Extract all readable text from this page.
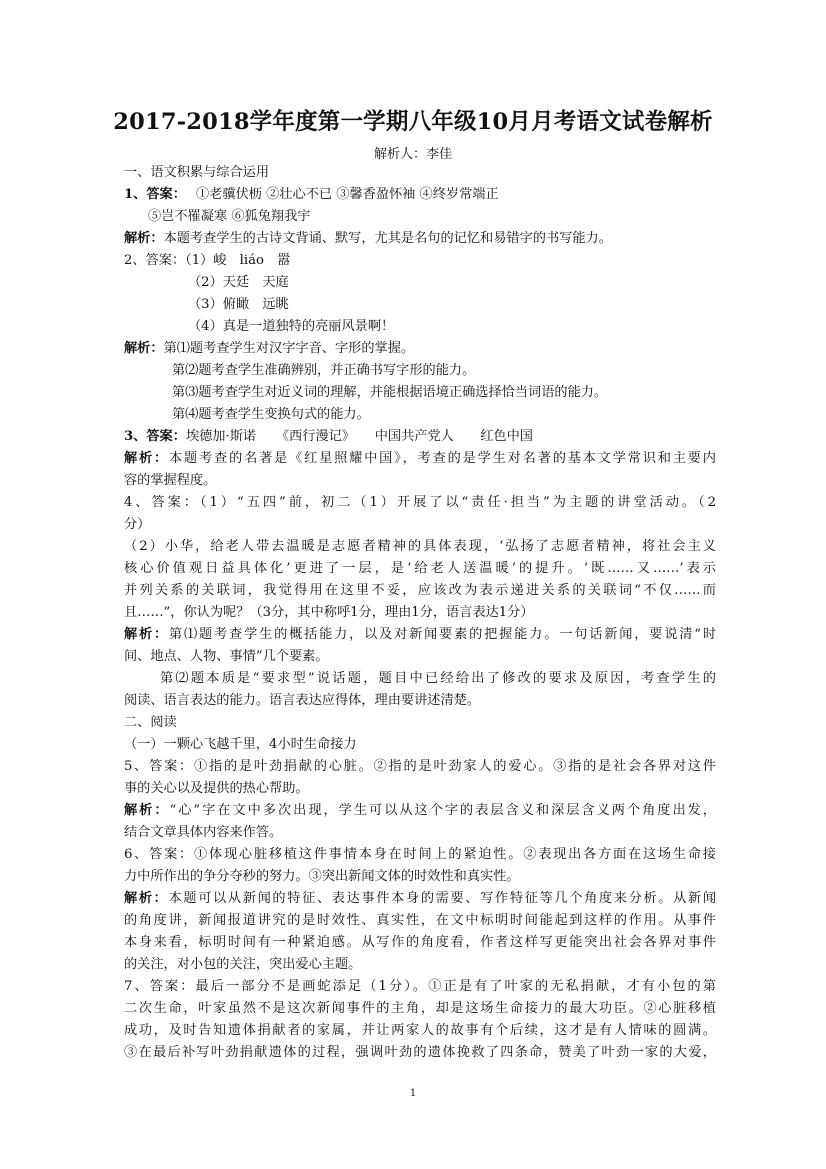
2017-2018学年度第一学期八年级10月月考语文试卷解析
解析人：李佳
一、语文积累与综合运用
1、答案： ①老骥伏枥 ②壮心不已 ③馨香盈怀袖 ④终岁常端正
⑤岂不罹凝寒 ⑥狐兔翔我宇
解析：本题考查学生的古诗文背诵、默写，尤其是名句的记忆和易错字的书写能力。
2、答案：（1）峻　liáo　嚣
（2）天廷　天庭
（3）俯瞰　远眺
（4）真是一道独特的亮丽风景啊！
解析：第⑴题考查学生对汉字字音、字形的掌握。
第⑵题考查学生准确辨别，并正确书写字形的能力。
第⑶题考查学生对近义词的理解，并能根据语境正确选择恰当词语的能力。
第⑷题考查学生变换句式的能力。
3、答案：埃德加·斯诺　　《西行漫记》　　中国共产党人　　红色中国
解析：本题考查的名著是《红星照耀中国》，考查的是学生对名著的基本文学常识和主要内
容的掌握程度。
4、答案：（1）“五四”前，初二（1）开展了以“责任·担当”为主题的讲堂活动。（2
分）
（2）小华，给老人带去温暖是志愿者精神的具体表现，‘弘扬了志愿者精神，将社会主义
核心价值观日益具体化’更进了一层，是‘给老人送温暖’的提升。‘既……又……’表示
并列关系的关联词，我觉得用在这里不妥，应该改为表示递进关系的关联词“不仅……而
且……”，你认为呢？（3分，其中称呼1分，理由1分，语言表达1分）
解析：第⑴题考查学生的概括能力，以及对新闻要素的把握能力。一句话新闻，要说清“时
间、地点、人物、事情”几个要素。
第⑵题本质是“要求型”说话题，题目中已经给出了修改的要求及原因，考查学生的
阅读、语言表达的能力。语言表达应得体，理由要讲述清楚。
二、阅读
（一）一颗心飞越千里，4小时生命接力
5、答案：①指的是叶劲捐献的心脏。②指的是叶劲家人的爱心。③指的是社会各界对这件
事的关心以及提供的热心帮助。
解析：“心”字在文中多次出现，学生可以从这个字的表层含义和深层含义两个角度出发，
结合文章具体内容来作答。
6、答案：①体现心脏移植这件事情本身在时间上的紧迫性。②表现出各方面在这场生命接
力中所作出的争分夺秒的努力。③突出新闻文体的时效性和真实性。
解析：本题可以从新闻的特征、表达事件本身的需要、写作特征等几个角度来分析。从新闻
的角度讲，新闻报道讲究的是时效性、真实性，在文中标明时间能起到这样的作用。从事件
本身来看，标明时间有一种紧迫感。从写作的角度看，作者这样写更能突出社会各界对事件
的关注，对小包的关注，突出爱心主题。
7、答案：最后一部分不是画蛇添足（1分）。①正是有了叶家的无私捐献，才有小包的第
二次生命，叶家虽然不是这次新闻事件的主角，却是这场生命接力的最大功臣。②心脏移植
成功，及时告知遗体捐献者的家属，并让两家人的故事有个后续，这才是有人情味的圆满。
③在最后补写叶劲捐献遗体的过程，强调叶劲的遗体挽救了四条命，赞美了叶劲一家的大爱，
1
